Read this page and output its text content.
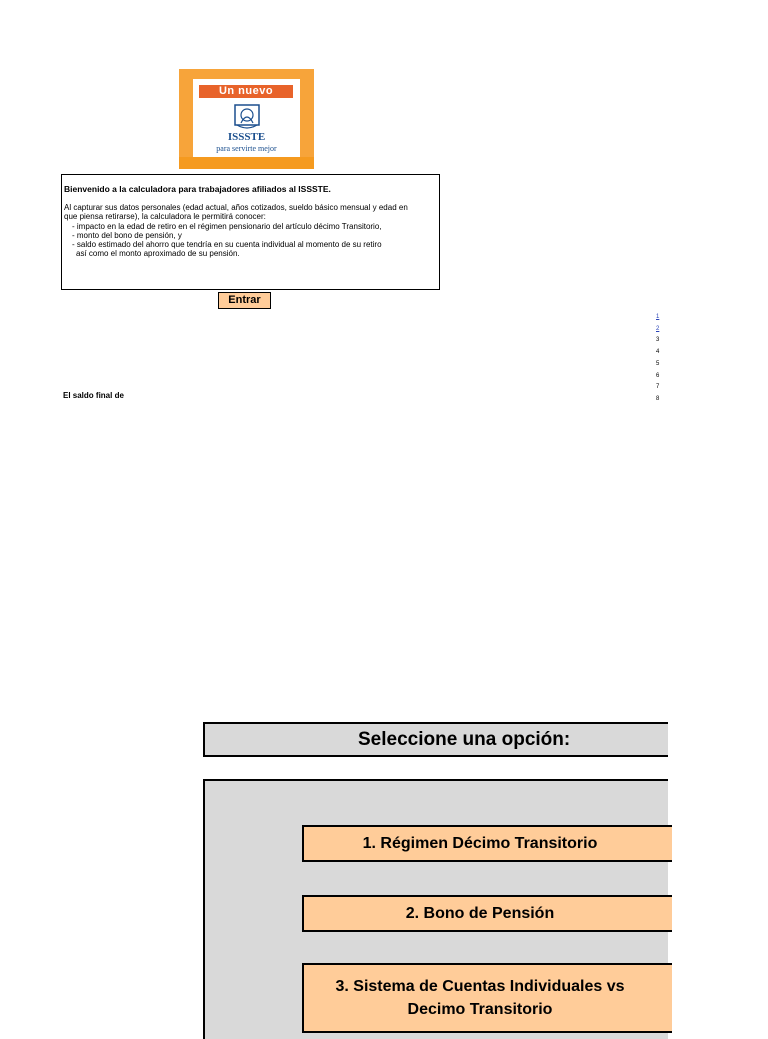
Un nuevo
ISSSTE
para servirte mejor

Bienvenido a la calculadora para trabajadores afiliados al ISSSTE.

Al capturar sus datos personales (edad actual, años cotizados, sueldo básico mensual y edad en

que piensa retirarse), la calculadora le permitirá conocer:

- impacto en la edad de retiro en el régimen pensionario del artículo décimo Transitorio,

- monto del bono de pensión, y

- saldo estimado del ahorro que tendría en su cuenta individual al momento de su retiro

así como el monto aproximado de su pensión.

Entrar
1
2
3
4
5
6
7
8
El saldo final de
Seleccione una opción:
1. Régimen Décimo Transitorio
2. Bono de Pensión
3. Sistema de Cuentas Individuales vs
Decimo Transitorio
